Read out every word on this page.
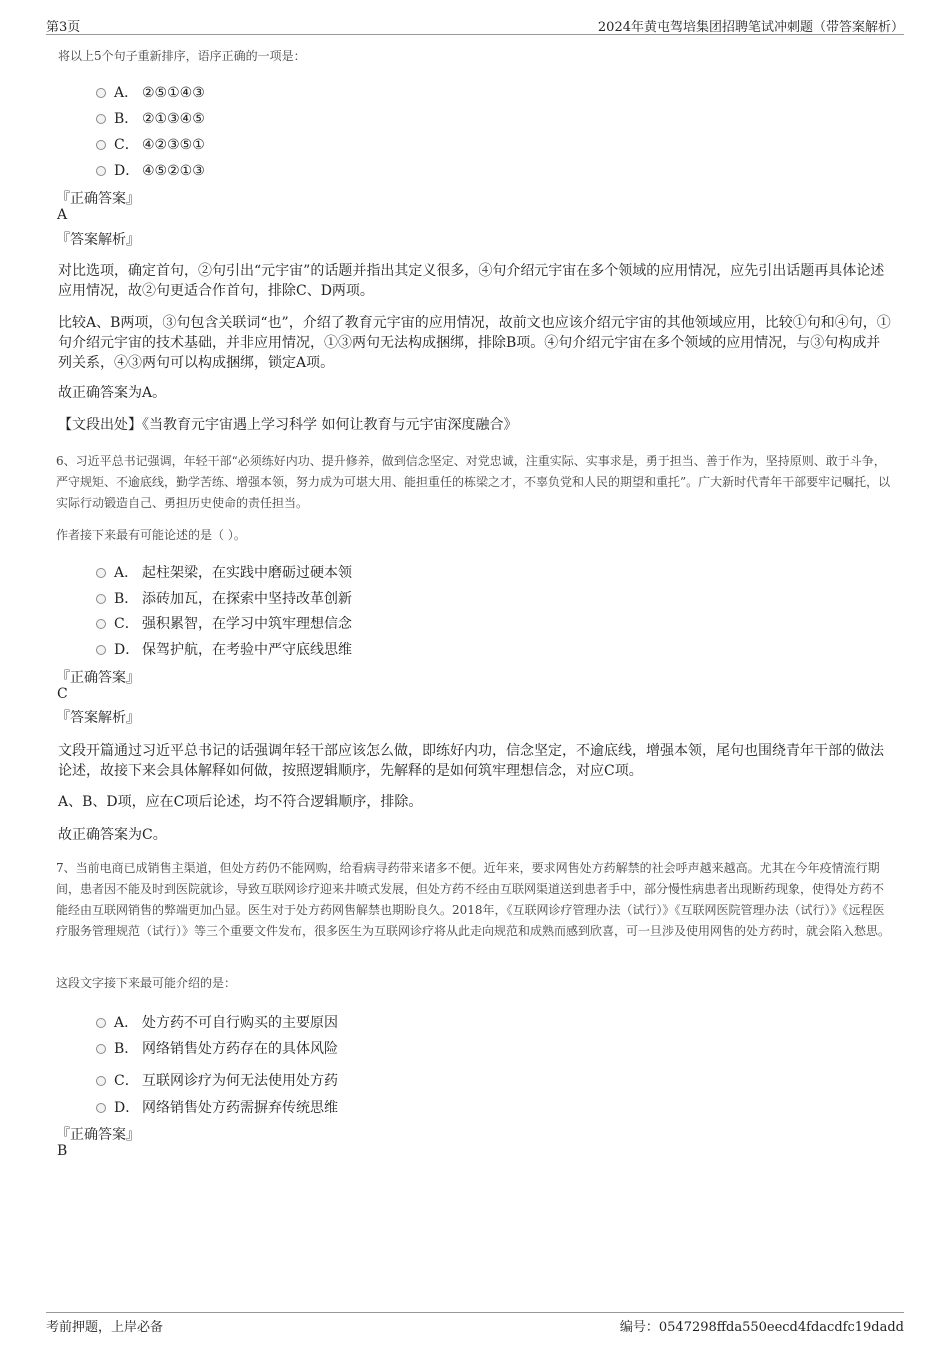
第3页	2024年黄屯驾培集团招聘笔试冲刺题（带答案解析）
将以上5个句子重新排序，语序正确的一项是：
A． ②⑤①④③
B． ②①③④⑤
C． ④②③⑤①
D． ④⑤②①③
『正确答案』
A
『答案解析』
对比选项，确定首句，②句引出“元宇宙”的话题并指出其定义很多，④句介绍元宇宙在多个领域的应用情况，应先引出话题再具体论述应用情况，故②句更适合作首句，排除C、D两项。
比较A、B两项，③句包含关联词“也”，介绍了教育元宇宙的应用情况，故前文也应该介绍元宇宙的其他领域应用，比较①句和④句，①句介绍元宇宙的技术基础，并非应用情况，①③两句无法构成捆绑，排除B项。④句介绍元宇宙在多个领域的应用情况，与③句构成并列关系，④③两句可以构成捆绑，锁定A项。
故正确答案为A。
【文段出处】《当教育元宇宙遇上学习科学 如何让教育与元宇宙深度融合》
6、习近平总书记强调，年轻干部“必须练好内功、提升修养，做到信念坚定、对党忠诚，注重实际、实事求是，勇于担当、善于作为，坚持原则、敢于斗争，严守规矩、不逾底线，勤学苦练、增强本领，努力成为可堪大用、能担重任的栋梁之才，不辜负党和人民的期望和重托”。广大新时代青年干部要牢记嘱托，以实际行动锻造自己、勇担历史使命的责任担当。
作者接下来最有可能论述的是（ ）。
A． 起柱架梁，在实践中磨砺过硬本领
B． 添砖加瓦，在探索中坚持改革创新
C． 强积累智，在学习中筑牢理想信念
D． 保驾护航，在考验中严守底线思维
『正确答案』
C
『答案解析』
文段开篇通过习近平总书记的话强调年轻干部应该怎么做，即练好内功，信念坚定，不逾底线，增强本领，尾句也围绕青年干部的做法论述，故接下来会具体解释如何做，按照逻辑顺序，先解释的是如何筑牢理想信念，对应C项。
A、B、D项，应在C项后论述，均不符合逻辑顺序，排除。
故正确答案为C。
7、当前电商已成销售主渠道，但处方药仍不能网购，给看病寻药带来诸多不便。近年来，要求网售处方药解禁的社会呼声越来越高。尤其在今年疫情流行期间，患者因不能及时到医院就诊，导致互联网诊疗迎来井喷式发展，但处方药不经由互联网渠道送到患者手中，部分慢性病患者出现断药现象，使得处方药不能经由互联网销售的弊端更加凸显。医生对于处方药网售解禁也期盼良久。2018年，《互联网诊疗管理办法（试行）》《互联网医院管理办法（试行）》《远程医疗服务管理规范（试行）》等三个重要文件发布，很多医生为互联网诊疗将从此走向规范和成熟而感到欣喜，可一旦涉及使用网售的处方药时，就会陷入愁思。
这段文字接下来最可能介绍的是：
A． 处方药不可自行购买的主要原因
B． 网络销售处方药存在的具体风险
C． 互联网诊疗为何无法使用处方药
D． 网络销售处方药需摒弃传统思维
『正确答案』
B
考前押题，上岸必备	编号：0547298ffda550eecd4fdacdfc19dadd
